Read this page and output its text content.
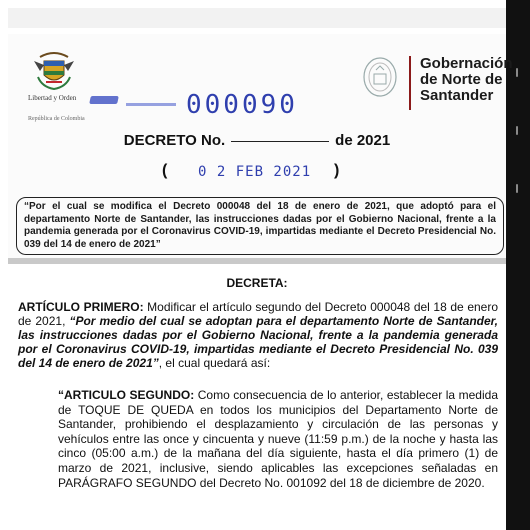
Libertad y Orden
República de Colombia	000090
Gobernación
de Norte de
Santander
DECRETO No.	de 2021
( 0 2 FEB 2021 )
“Por el cual se modifica el Decreto 000048 del 18 de enero de 2021, que adoptó para el departamento Norte de Santander, las instrucciones dadas por el Gobierno Nacional, frente a la pandemia generada por el Coronavirus COVID-19, impartidas mediante el Decreto Presidencial No. 039 del 14 de enero de 2021”
DECRETA:
ARTÍCULO PRIMERO: Modificar el artículo segundo del Decreto 000048 del 18 de enero de 2021, “Por medio del cual se adoptan para el departamento Norte de Santander, las instrucciones dadas por el Gobierno Nacional, frente a la pandemia generada por el Coronavirus COVID-19, impartidas mediante el Decreto Presidencial No. 039 del 14 de enero de 2021”, el cual quedará así:
“ARTICULO SEGUNDO: Como consecuencia de lo anterior, establecer la medida de TOQUE DE QUEDA en todos los municipios del Departamento Norte de Santander, prohibiendo el desplazamiento y circulación de las personas y vehículos entre las once y cincuenta y nueve (11:59 p.m.) de la noche y hasta las cinco (05:00 a.m.) de la mañana del día siguiente, hasta el día primero (1) de marzo de 2021, inclusive, siendo aplicables las excepciones señaladas en PARÁGRAFO SEGUNDO del Decreto No. 001092 del 18 de diciembre de 2020.
